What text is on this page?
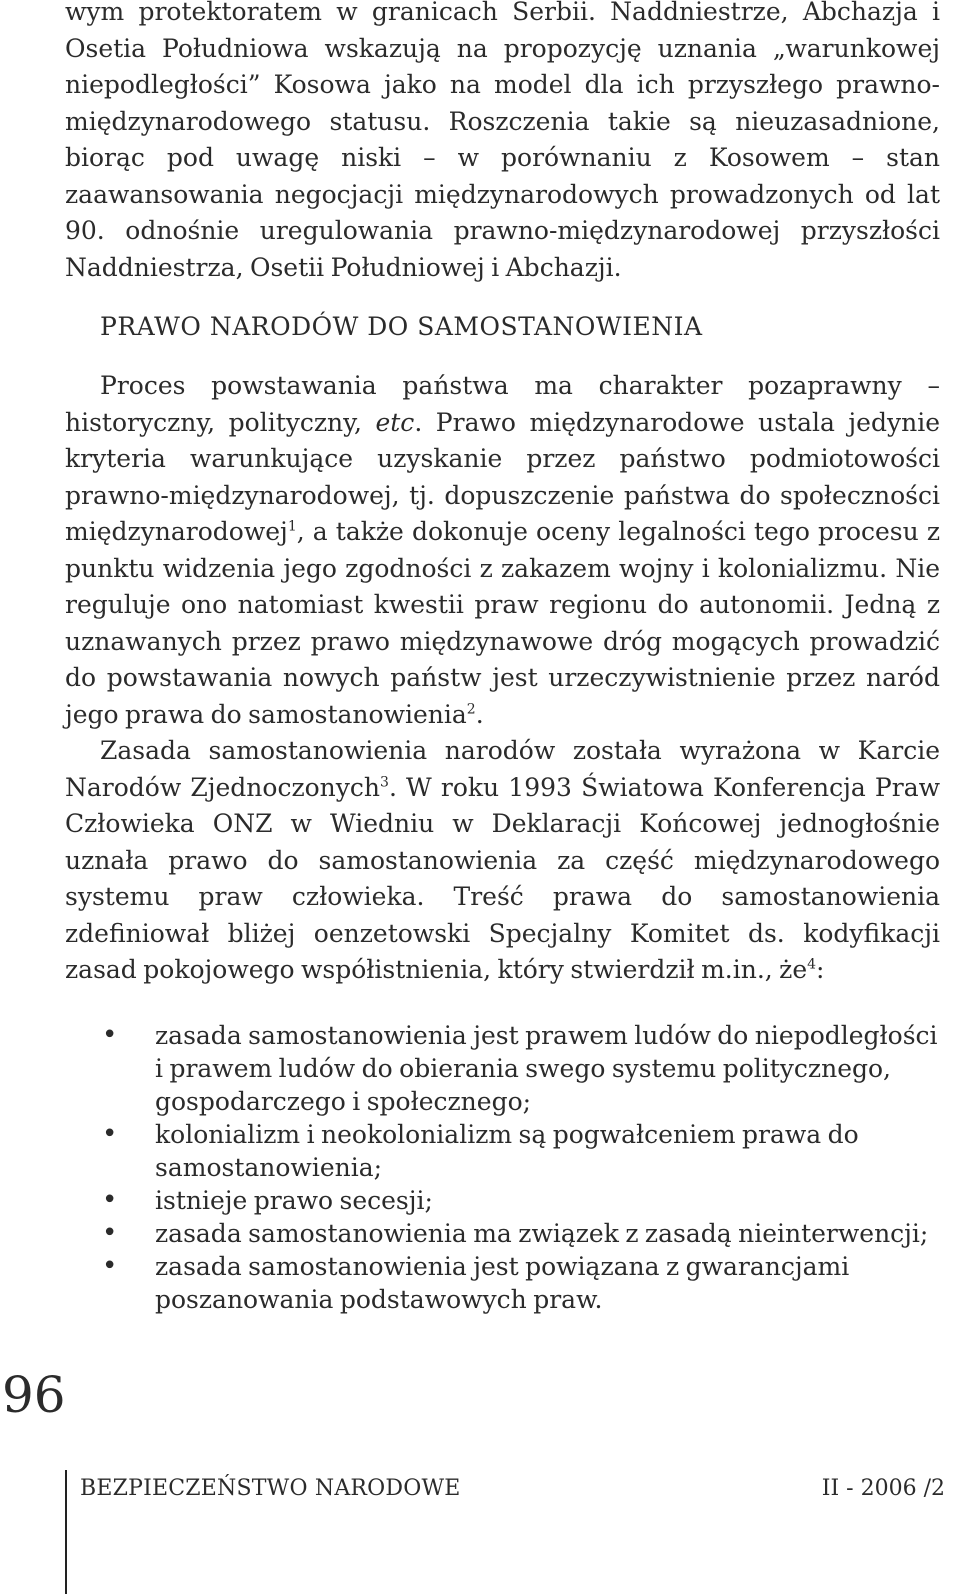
wym protektoratem w granicach Serbii. Naddniestrze, Abchazja i Osetia Południowa wskazują na propozycję uznania „warunkowej niepodległości” Kosowa jako na model dla ich przyszłego prawno-międzynarodowego statusu. Roszczenia takie są nieuzasadnione, biorąc pod uwagę niski – w porównaniu z Kosowem – stan zaawansowania negocjacji międzynarodowych prowadzonych od lat 90. odnośnie uregulowania prawno-międzynarodowej przyszłości Naddniestrza, Osetii Południowej i Abchazji.

PRAWO NARODÓW DO SAMOSTANOWIENIA

Proces powstawania państwa ma charakter pozaprawny – historyczny, polityczny, etc. Prawo międzynarodowe ustala jedynie kryteria warunkujące uzyskanie przez państwo podmiotowości prawno-międzynarodowej, tj. dopuszczenie państwa do społeczności międzynarodowej$^1$, a także dokonuje oceny legalności tego procesu z punktu widzenia jego zgodności z zakazem wojny i kolonializmu. Nie reguluje ono natomiast kwestii praw regionu do autonomii. Jedną z uznawanych przez prawo międzynawowe dróg mogących prowadzić do powstawania nowych państw jest urzeczywistnienie przez naród jego prawa do samostanowienia$^2$.

Zasada samostanowienia narodów została wyrażona w Karcie Narodów Zjednoczonych$^3$. W roku 1993 Światowa Konferencja Praw Człowieka ONZ w Wiedniu w Deklaracji Końcowej jednogłośnie uznała prawo do samostanowienia za część międzynarodowego systemu praw człowieka. Treść prawa do samostanowienia zdefiniował bliżej oenzetowski Specjalny Komitet ds. kodyfikacji zasad pokojowego współistnienia, który stwierdził m.in., $że^4$:

• zasada samostanowienia jest prawem ludów do niepodległości i prawem ludów do obierania swego systemu politycznego, gospodarczego i społecznego;
• kolonializm i neokolonializm są pogwałceniem prawa do samostanowienia;
• istnieje prawo secesji;
• zasada samostanowienia ma związek z zasadą nieinterwencji;
• zasada samostanowienia jest powiązana z gwarancjami poszanowania podstawowych praw.
96
BEZPIECZEŃSTWO NARODOWE	II - 2006 /2
